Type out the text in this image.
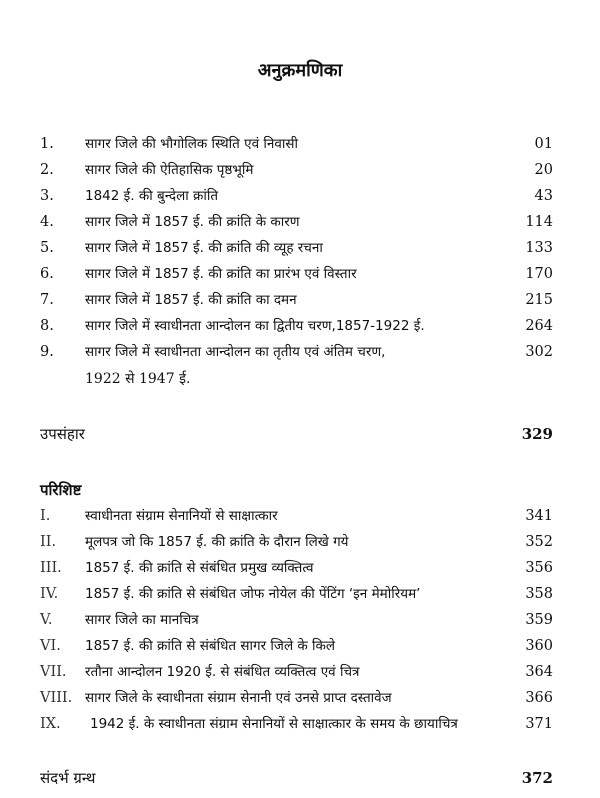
अनुक्रमणिका
1. सागर जिले की भौगोलिक स्थिति एवं निवासी	01
2. सागर जिले की ऐतिहासिक पृष्ठभूमि	20
3. 1842 ई. की बुन्देला क्रांति	43
4. सागर जिले में 1857 ई. की क्रांति के कारण	114
5. सागर जिले में 1857 ई. की क्रांति की व्यूह रचना	133
6. सागर जिले में 1857 ई. की क्रांति का प्रारंभ एवं विस्तार	170
7. सागर जिले में 1857 ई. की क्रांति का दमन	215
8. सागर जिले में स्वाधीनता आन्दोलन का द्वितीय चरण,1857-1922 ई.	264
9. सागर जिले में स्वाधीनता आन्दोलन का तृतीय एवं अंतिम चरण,	302
1922 से 1947 ई.
उपसंहार	329
परिशिष्ट
I.	स्वाधीनता संग्राम सेनानियों से साक्षात्कार	341
II. मूलपत्र जो कि 1857 ई. की क्रांति के दौरान लिखे गये	352
III. 1857 ई. की क्रांति से संबंधित प्रमुख व्यक्तित्व	356
IV. 1857 ई. की क्रांति से संबंधित जोफ नोयेल की पेंटिंग ‘इन मेमोरियम’	358
V. सागर जिले का मानचित्र	359
VI. 1857 ई. की क्रांति से संबंधित सागर जिले के किले	360
VII. रतौना आन्दोलन 1920 ई. से संबंधित व्यक्तित्व एवं चित्र	364
VIII. सागर जिले के स्वाधीनता संग्राम सेनानी एवं उनसे प्राप्त दस्तावेज	366
IX. 1942 ई. के स्वाधीनता संग्राम सेनानियों से साक्षात्कार के समय के छायाचित्र	371
संदर्भ ग्रन्थ	372
